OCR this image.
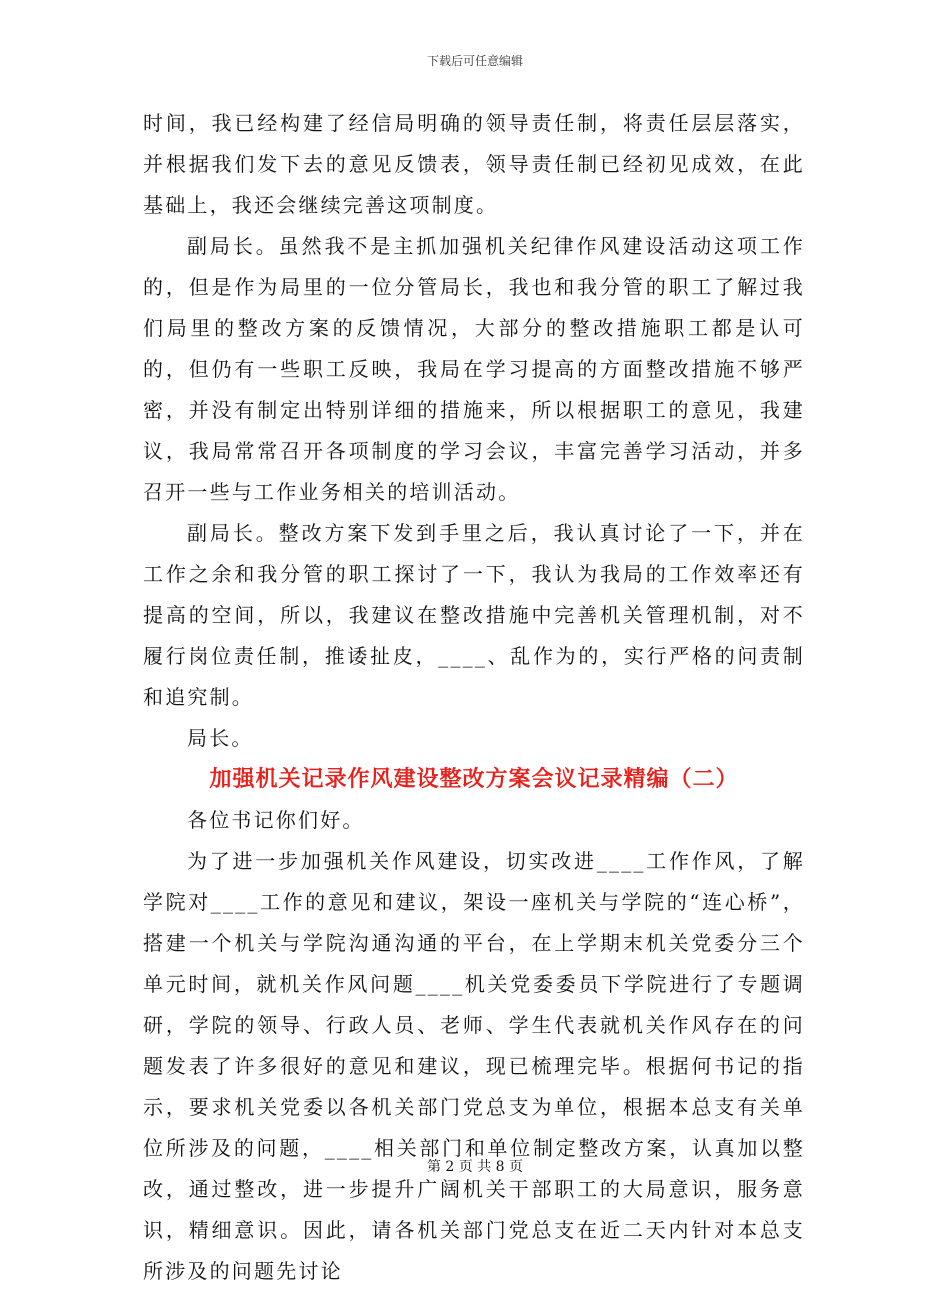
下载后可任意编辑

时间，我已经构建了经信局明确的领导责任制，将责任层层落实，并根据我们发下去的意见反馈表，领导责任制已经初见成效，在此基础上，我还会继续完善这项制度。

副局长。虽然我不是主抓加强机关纪律作风建设活动这项工作的，但是作为局里的一位分管局长，我也和我分管的职工了解过我们局里的整改方案的反馈情况，大部分的整改措施职工都是认可的，但仍有一些职工反映，我局在学习提高的方面整改措施不够严密，并没有制定出特别详细的措施来，所以根据职工的意见，我建议，我局常常召开各项制度的学习会议，丰富完善学习活动，并多召开一些与工作业务相关的培训活动。

副局长。整改方案下发到手里之后，我认真讨论了一下，并在工作之余和我分管的职工探讨了一下，我认为我局的工作效率还有提高的空间，所以，我建议在整改措施中完善机关管理机制，对不履行岗位责任制，推诿扯皮，____、乱作为的，实行严格的问责制和追究制。

局长。

加强机关记录作风建设整改方案会议记录精编（二）

各位书记你们好。

为了进一步加强机关作风建设，切实改进____工作作风，了解学院对____工作的意见和建议，架设一座机关与学院的“连心桥”，搭建一个机关与学院沟通沟通的平台，在上学期末机关党委分三个单元时间，就机关作风问题____机关党委委员下学院进行了专题调研，学院的领导、行政人员、老师、学生代表就机关作风存在的问题发表了许多很好的意见和建议，现已梳理完毕。根据何书记的指示，要求机关党委以各机关部门党总支为单位，根据本总支有关单位所涉及的问题，____相关部门和单位制定整改方案，认真加以整改，通过整改，进一步提升广阔机关干部职工的大局意识，服务意识，精细意识。因此，请各机关部门党总支在近二天内针对本总支所涉及的问题先讨论

第 2 页 共 8 页
